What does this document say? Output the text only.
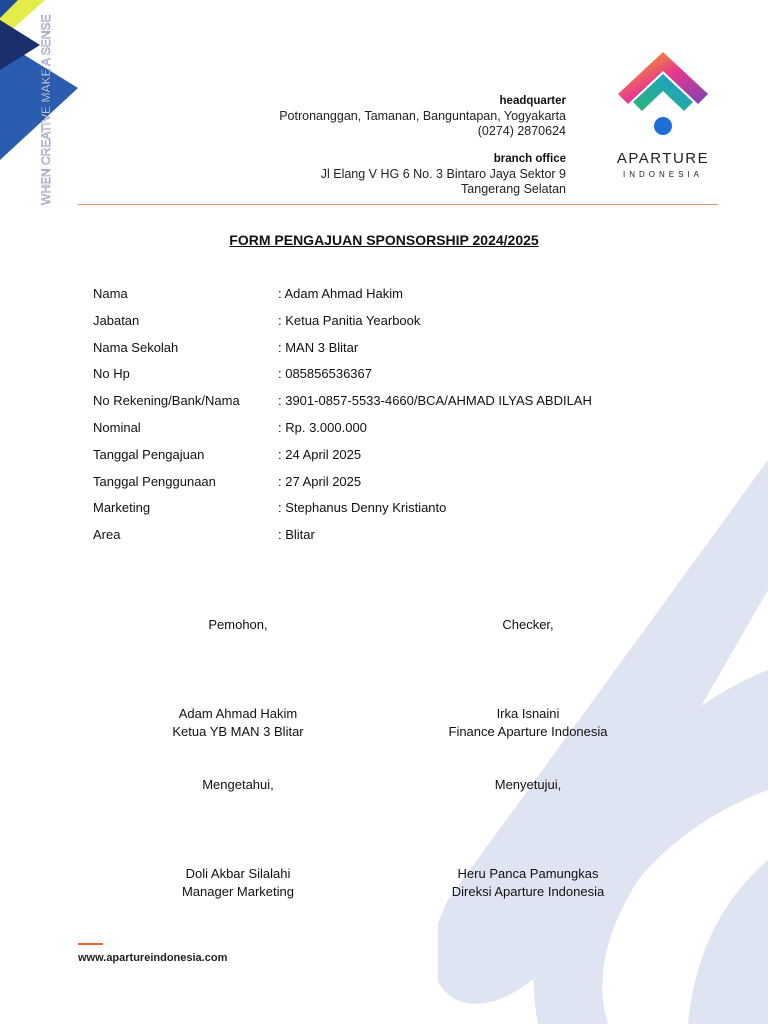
WHEN CREATIVE MAKE A SENSE	headquarter
Potronanggan, Tamanan, Banguntapan, Yogyakarta
(0274) 2870624
branch office
Jl Elang V HG 6 No. 3 Bintaro Jaya Sektor 9
Tangerang Selatan
APARTURE
INDONESIA
FORM PENGAJUAN SPONSORSHIP 2024/2025
Nama	: Adam Ahmad Hakim
Jabatan	: Ketua Panitia Yearbook
Nama Sekolah	: MAN 3 Blitar
No Hp	: 085856536367
No Rekening/Bank/Nama	: 3901-0857-5533-4660/BCA/AHMAD ILYAS ABDILAH
Nominal	: Rp. 3.000.000
Tanggal Pengajuan	: 24 April 2025
Tanggal Penggunaan	: 27 April 2025
Marketing	: Stephanus Denny Kristianto
Area	: Blitar
Pemohon,	Checker,
Adam Ahmad Hakim
Ketua YB MAN 3 Blitar
Irka Isnaini
Finance Aparture Indonesia
Mengetahui,	Menyetujui,
Doli Akbar Silalahi
Manager Marketing
Heru Panca Pamungkas
Direksi Aparture Indonesia
www.apartureindonesia.com
